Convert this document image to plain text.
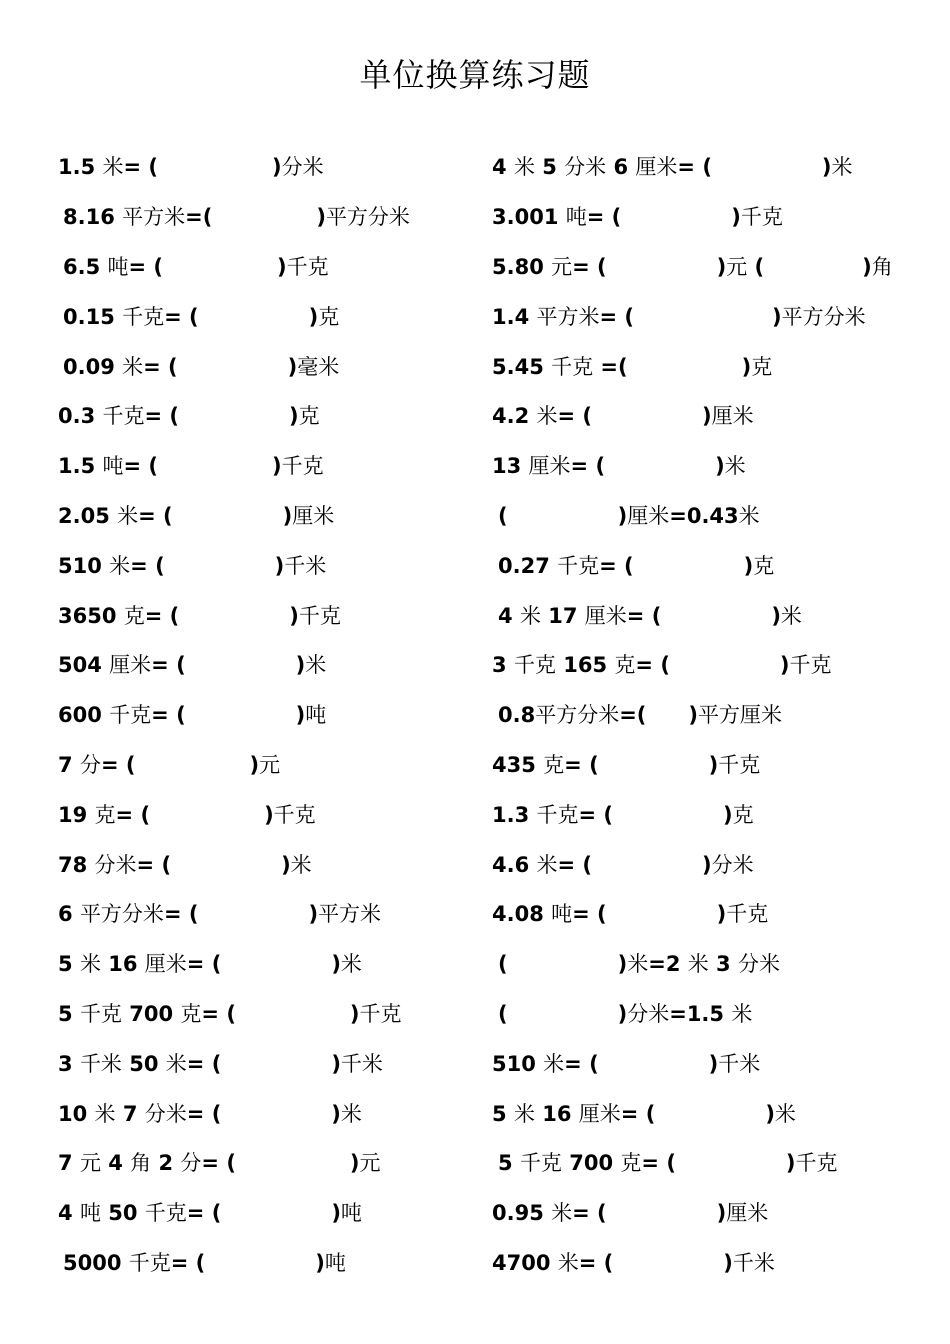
单位换算练习题
1.5 米= (	)分米
8.16 平方米=(	)平方分米
6.5 吨= (	)千克
0.15 千克= (	)克
0.09 米= (	)毫米
0.3 千克= (	)克
1.5 吨= (	)千克
2.05 米= (	)厘米
510 米= (	)千米
3650 克= (	)千克
504 厘米= (	)米
600 千克= (	)吨
7 分= (	)元
19 克= (	)千克
78 分米= (	)米
6 平方分米= (	)平方米
5 米 16 厘米= (	)米
5 千克 700 克= (	)千克
3 千米 50 米= (	)千米
10 米 7 分米= (	)米
7 元 4 角 2 分= (	)元
4 吨 50 千克= (	)吨
5000 千克= (	)吨
4 米 5 分米 6 厘米= (	)米
3.001 吨= (	)千克
5.80 元= (	)元 (	)角
1.4 平方米= (	)平方分米
5.45 千克 =(	)克
4.2 米= (	)厘米
13 厘米= (	)米
(	)厘米= 0.43 米
0.27 千克= (	)克
4 米 17 厘米= (	)米
3 千克 165 克= (	)千克
0.8平方分米=( )平方厘米
435 克= (	)千克
1.3 千克= (	)克
4.6 米= (	)分米
4.08 吨= (	)千克
(	)米=2 米 3 分米
(	)分米=1.5 米
510 米= (	)千米
5 米 16 厘米= (	)米
5 千克 700 克= (	)千克
0.95 米= (	)厘米
4700 米= (	)千米
